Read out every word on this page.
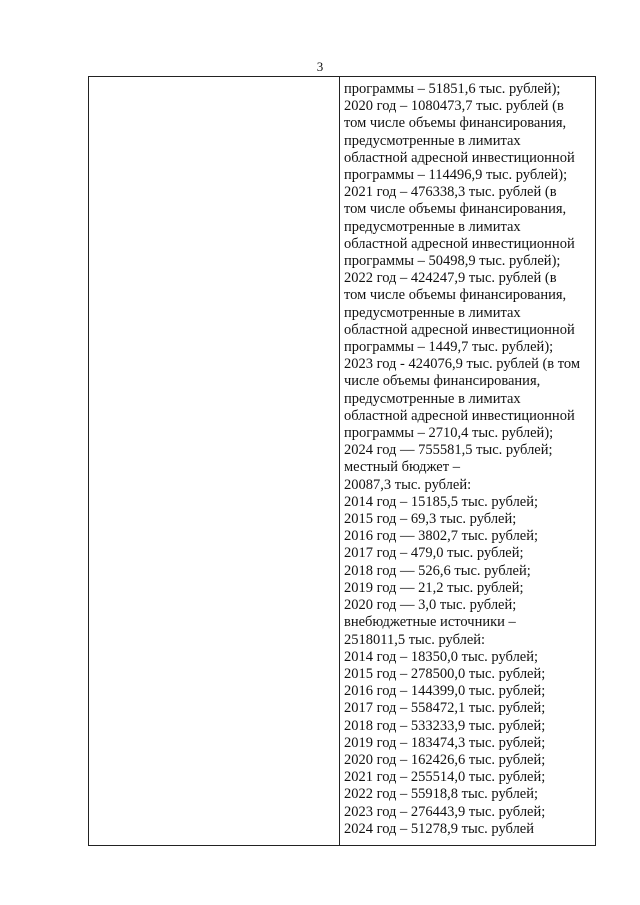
3
программы – 51851,6 тыс. рублей);
2020 год – 1080473,7 тыс. рублей (в
том числе объемы финансирования,
предусмотренные в лимитах
областной адресной инвестиционной
программы – 114496,9 тыс. рублей);
2021 год – 476338,3 тыс. рублей (в
том числе объемы финансирования,
предусмотренные в лимитах
областной адресной инвестиционной
программы – 50498,9 тыс. рублей);
2022 год – 424247,9 тыс. рублей (в
том числе объемы финансирования,
предусмотренные в лимитах
областной адресной инвестиционной
программы – 1449,7 тыс. рублей);
2023 год - 424076,9 тыс. рублей (в том
числе объемы финансирования,
предусмотренные в лимитах
областной адресной инвестиционной
программы – 2710,4 тыс. рублей);
2024 год — 755581,5 тыс. рублей;
местный бюджет –
20087,3 тыс. рублей:
2014 год – 15185,5 тыс. рублей;
2015 год – 69,3 тыс. рублей;
2016 год — 3802,7 тыс. рублей;
2017 год – 479,0 тыс. рублей;
2018 год — 526,6 тыс. рублей;
2019 год — 21,2 тыс. рублей;
2020 год — 3,0 тыс. рублей;
внебюджетные источники –
2518011,5 тыс. рублей:
2014 год – 18350,0 тыс. рублей;
2015 год – 278500,0 тыс. рублей;
2016 год – 144399,0 тыс. рублей;
2017 год – 558472,1 тыс. рублей;
2018 год – 533233,9 тыс. рублей;
2019 год – 183474,3 тыс. рублей;
2020 год – 162426,6 тыс. рублей;
2021 год – 255514,0 тыс. рублей;
2022 год – 55918,8 тыс. рублей;
2023 год – 276443,9 тыс. рублей;
2024 год – 51278,9 тыс. рублей
